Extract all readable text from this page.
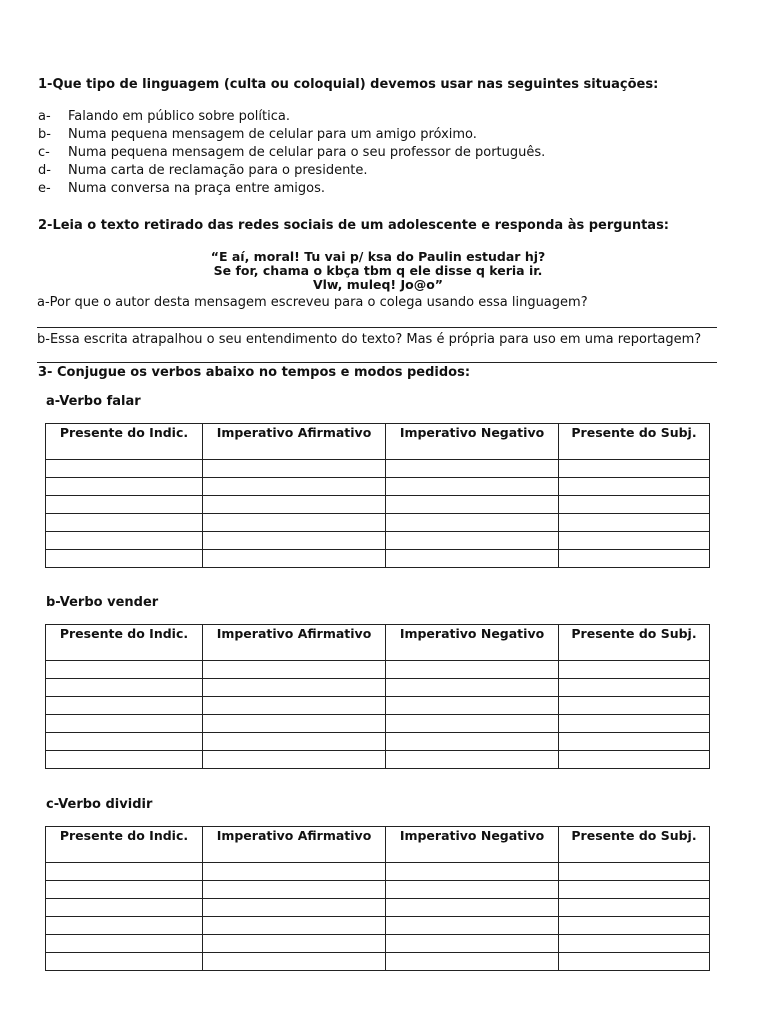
1-Que tipo de linguagem (culta ou coloquial) devemos usar nas seguintes situações:
a- Falando em público sobre política.
b- Numa pequena mensagem de celular para um amigo próximo.
c- Numa pequena mensagem de celular para o seu professor de português.
d- Numa carta de reclamação para o presidente.
e- Numa conversa na praça entre amigos.
2-Leia o texto retirado das redes sociais de um adolescente e responda às perguntas:
“E aí, moral! Tu vai p/ ksa do Paulin estudar hj?
Se for, chama o kbça tbm q ele disse q keria ir.
Vlw, muleq! Jo@o”
a-Por que o autor desta mensagem escreveu para o colega usando essa linguagem?
b-Essa escrita atrapalhou o seu entendimento do texto? Mas é própria para uso em uma reportagem?
3- Conjugue os verbos abaixo no tempos e modos pedidos:
a-Verbo falar
Presente do Indic.	Imperativo Afirmativo	Imperativo Negativo	Presente do Subj.

b-Verbo vender
Presente do Indic.	Imperativo Afirmativo	Imperativo Negativo	Presente do Subj.

c-Verbo dividir
Presente do Indic.	Imperativo Afirmativo	Imperativo Negativo	Presente do Subj.
